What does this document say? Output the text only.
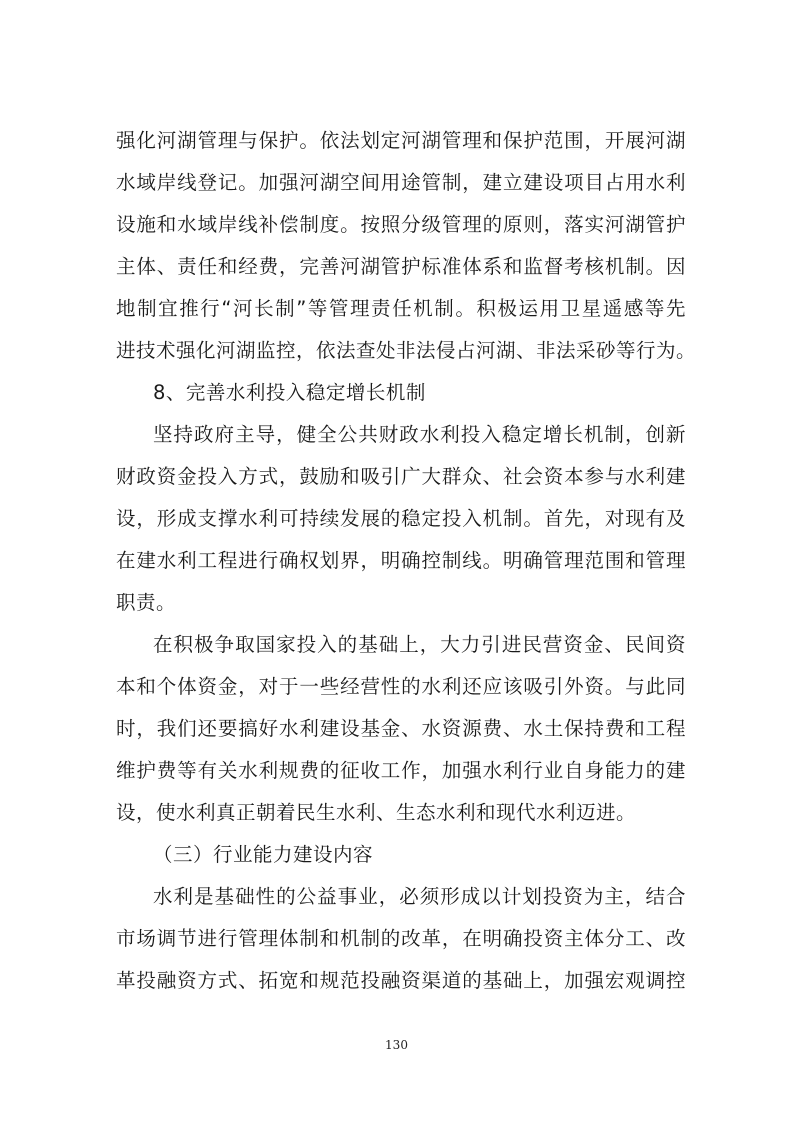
强化河湖管理与保护。依法划定河湖管理和保护范围，开展河湖
水域岸线登记。加强河湖空间用途管制，建立建设项目占用水利
设施和水域岸线补偿制度。按照分级管理的原则，落实河湖管护
主体、责任和经费，完善河湖管护标准体系和监督考核机制。因
地制宜推行“河长制”等管理责任机制。积极运用卫星遥感等先
进技术强化河湖监控，依法查处非法侵占河湖、非法采砂等行为。
8、完善水利投入稳定增长机制
坚持政府主导，健全公共财政水利投入稳定增长机制，创新
财政资金投入方式，鼓励和吸引广大群众、社会资本参与水利建
设，形成支撑水利可持续发展的稳定投入机制。首先，对现有及
在建水利工程进行确权划界，明确控制线。明确管理范围和管理
职责。
在积极争取国家投入的基础上，大力引进民营资金、民间资
本和个体资金，对于一些经营性的水利还应该吸引外资。与此同
时，我们还要搞好水利建设基金、水资源费、水土保持费和工程
维护费等有关水利规费的征收工作，加强水利行业自身能力的建
设，使水利真正朝着民生水利、生态水利和现代水利迈进。
（三）行业能力建设内容
水利是基础性的公益事业，必须形成以计划投资为主，结合
市场调节进行管理体制和机制的改革，在明确投资主体分工、改
革投融资方式、拓宽和规范投融资渠道的基础上，加强宏观调控
130
